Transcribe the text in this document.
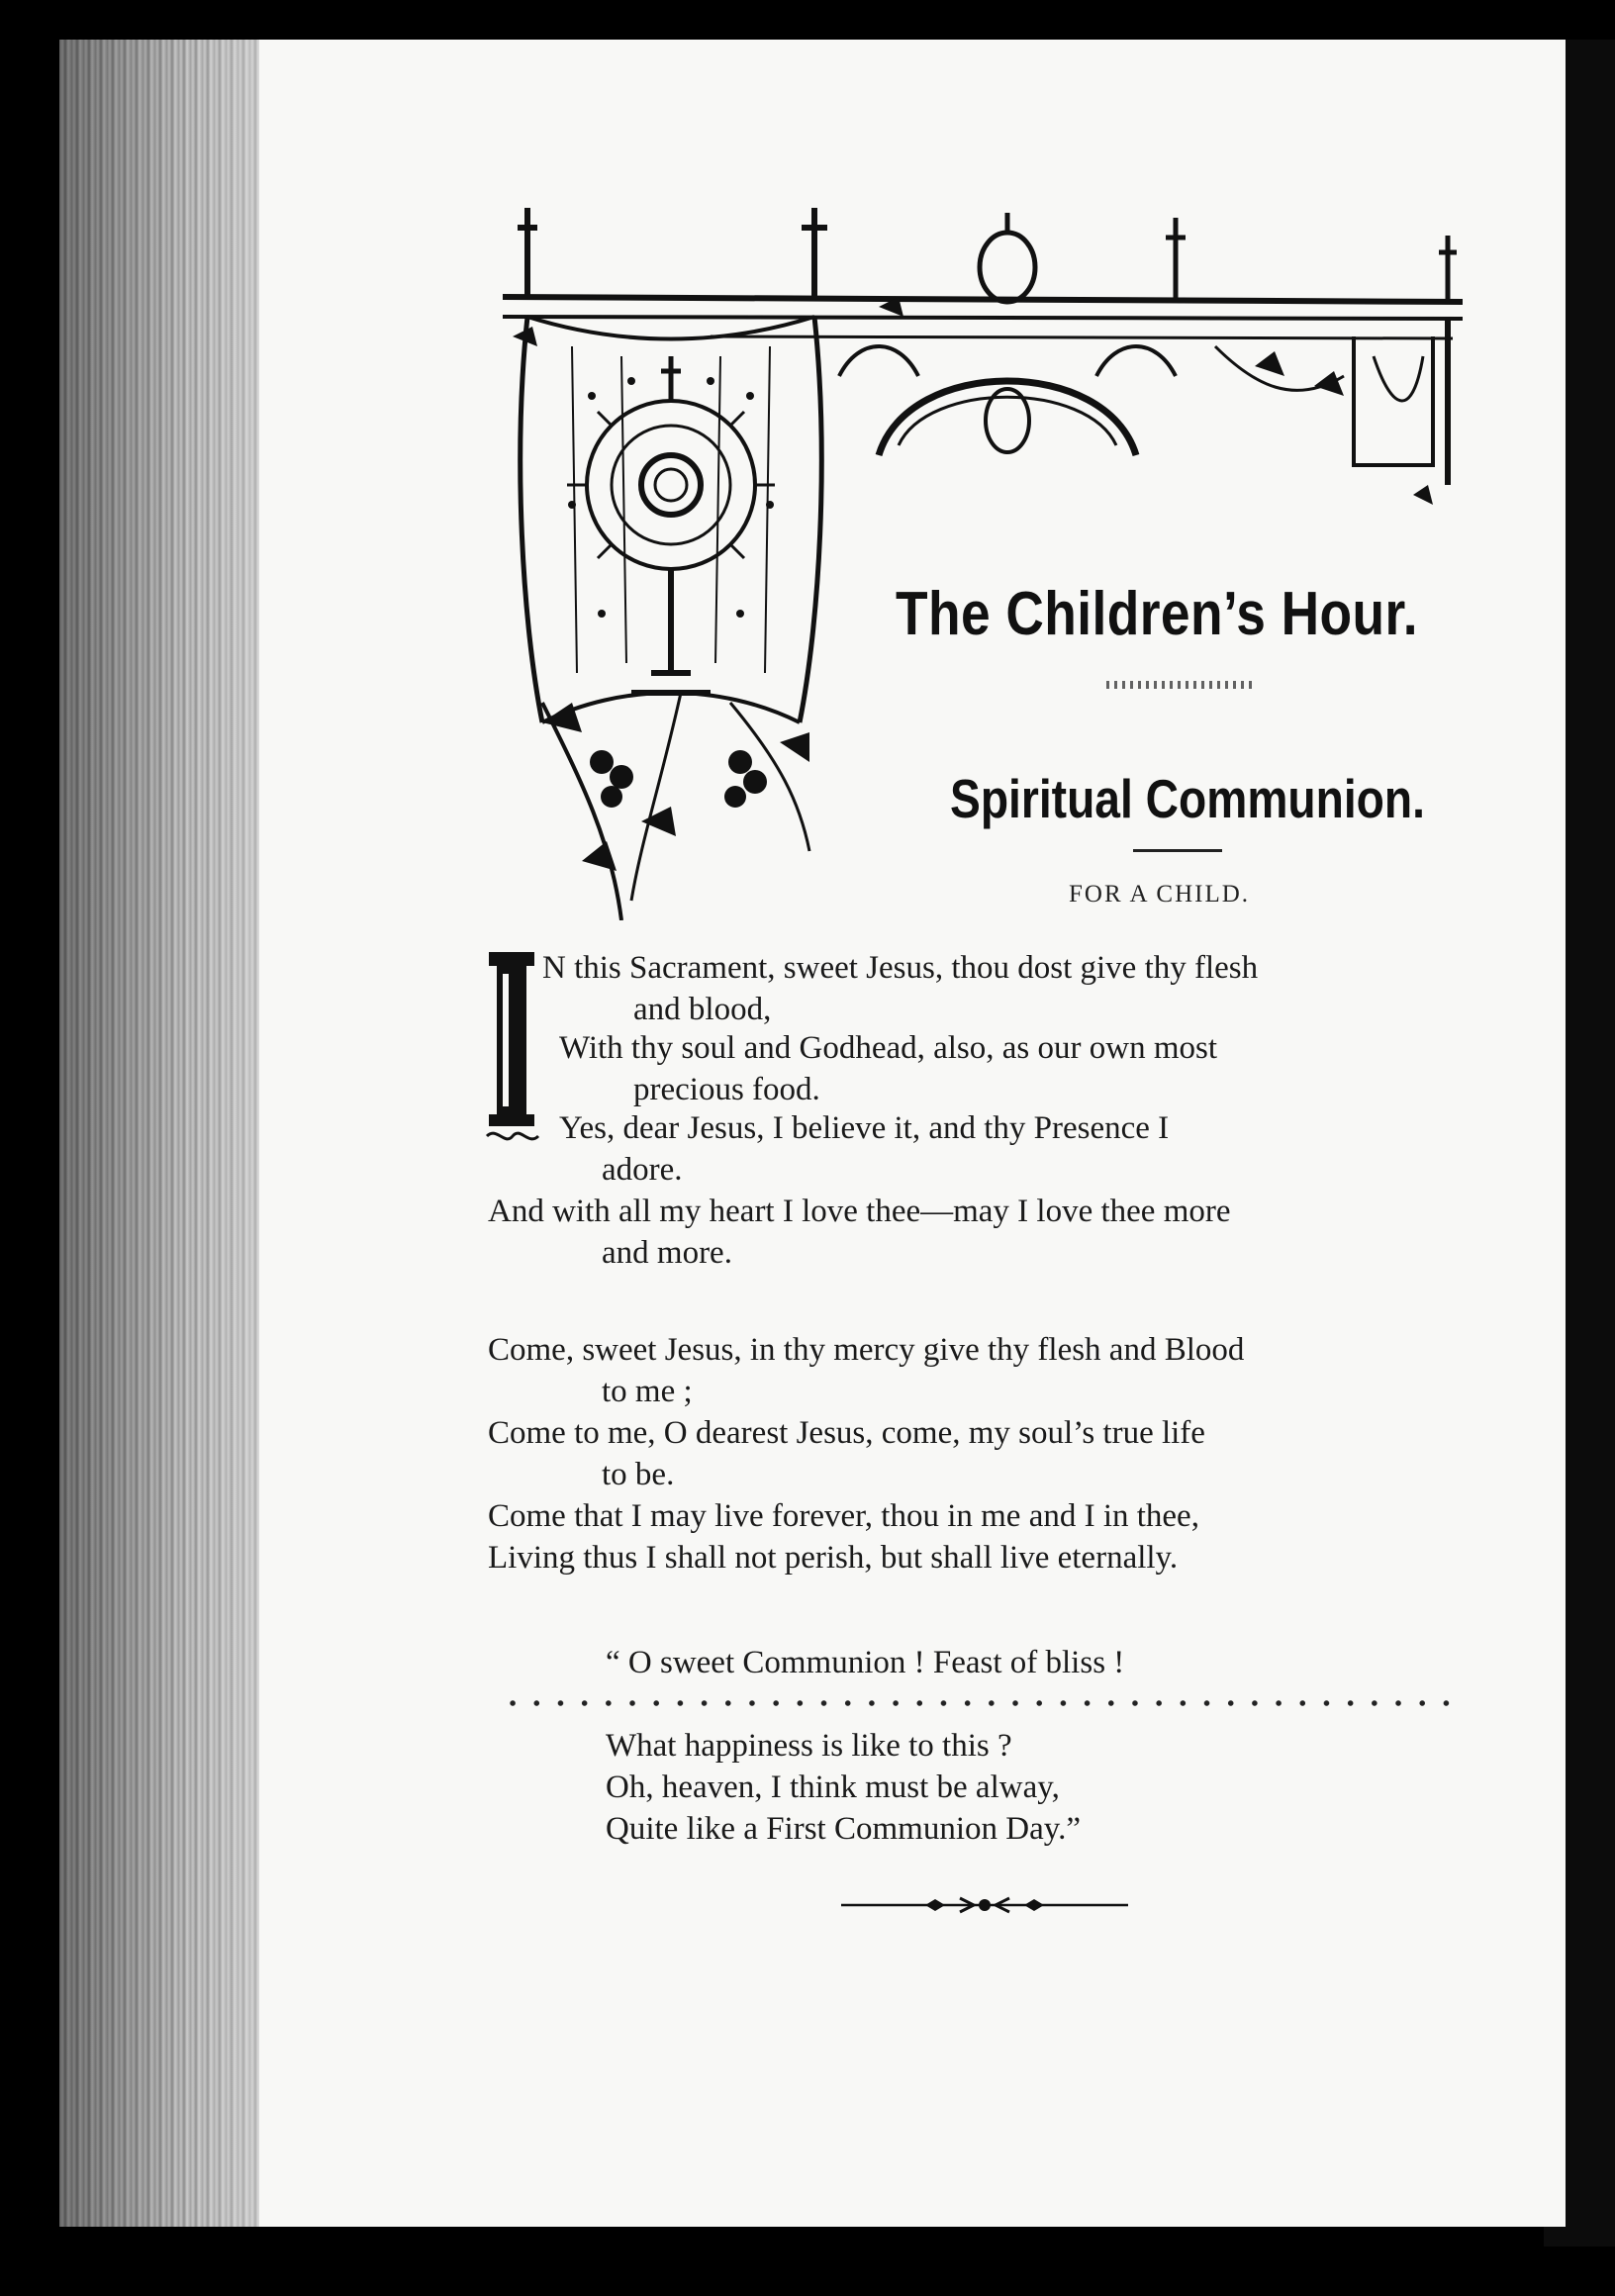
The Children’s Hour.
Spiritual Communion.
FOR A CHILD.
N this Sacrament, sweet Jesus, thou dost give thy flesh
and blood,
With thy soul and Godhead, also, as our own most
precious food.
Yes, dear Jesus, I believe it, and thy Presence I
adore.
And with all my heart I love thee—may I love thee more
and more.
Come, sweet Jesus, in thy mercy give thy flesh and Blood
to me ;
Come to me, O dearest Jesus, come, my soul’s true life
to be.
Come that I may live forever, thou in me and I in thee,
Living thus I shall not perish, but shall live eternally.
“ O sweet Communion ! Feast of bliss !
What happiness is like to this ?
Oh, heaven, I think must be alway,
Quite like a First Communion Day.”
